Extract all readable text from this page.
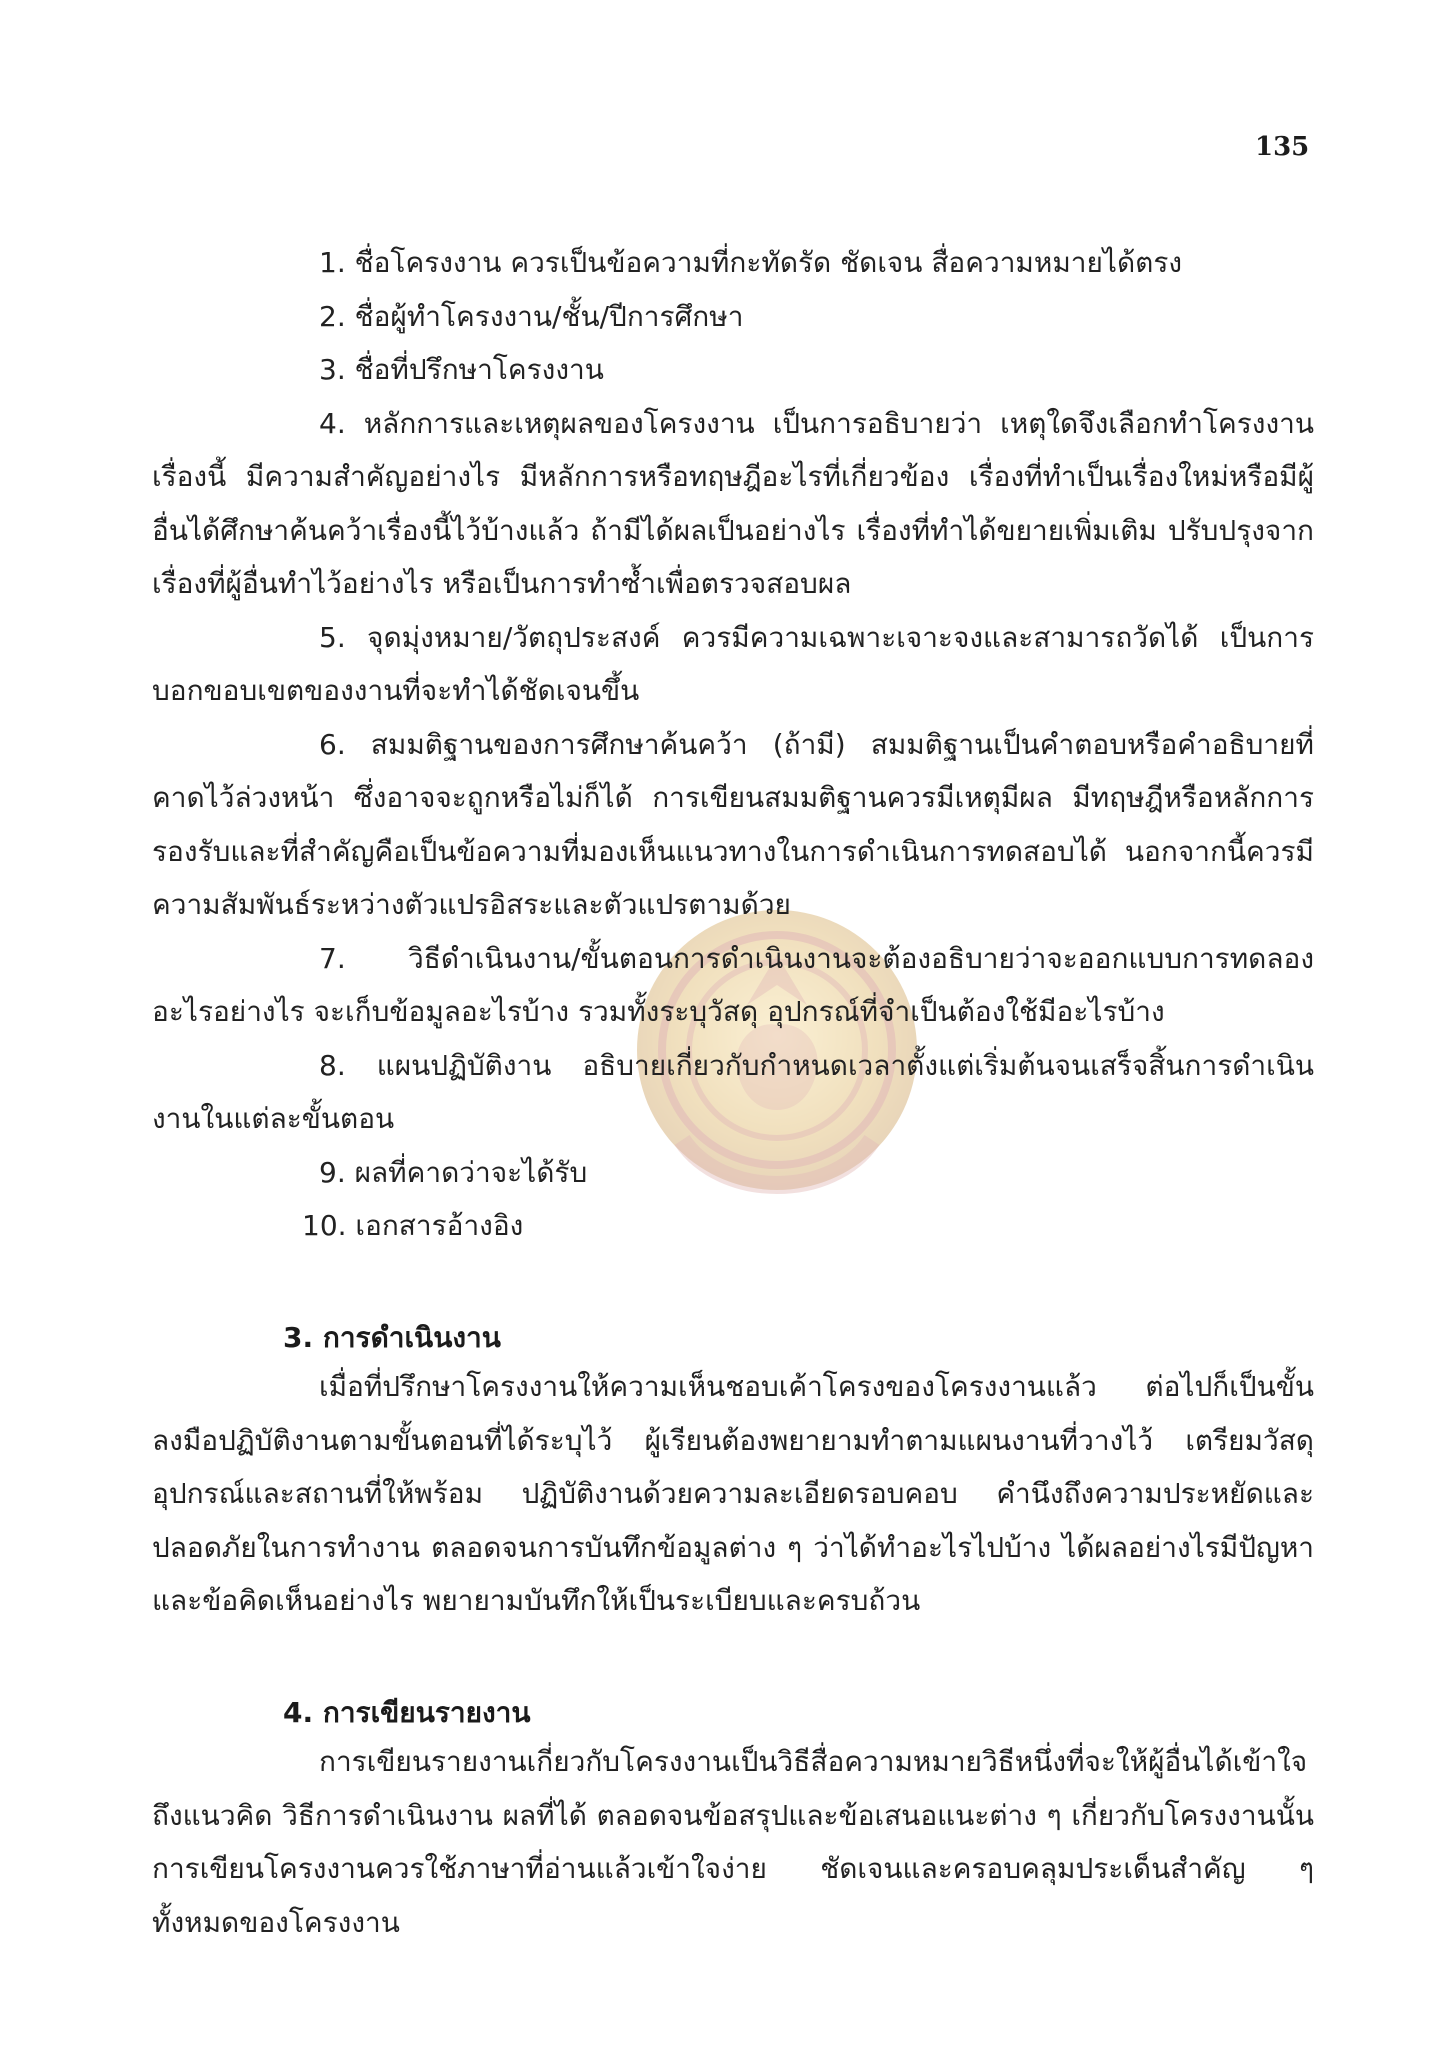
135

1. ชื่อโครงงาน ควรเป็นข้อความที่กะทัดรัด ชัดเจน สื่อความหมายได้ตรง

2. ชื่อผู้ทำโครงงาน/ชั้น/ปีการศึกษา

3. ชื่อที่ปรึกษาโครงงาน

4. หลักการและเหตุผลของโครงงาน เป็นการอธิบายว่า เหตุใดจึงเลือกทำโครงงานเรื่องนี้ มีความสำคัญอย่างไร มีหลักการหรือทฤษฎีอะไรที่เกี่ยวข้อง เรื่องที่ทำเป็นเรื่องใหม่หรือมีผู้อื่นได้ศึกษาค้นคว้าเรื่องนี้ไว้บ้างแล้ว ถ้ามีได้ผลเป็นอย่างไร เรื่องที่ทำได้ขยายเพิ่มเติม ปรับปรุงจากเรื่องที่ผู้อื่นทำไว้อย่างไร หรือเป็นการทำซ้ำเพื่อตรวจสอบผล

5. จุดมุ่งหมาย/วัตถุประสงค์ ควรมีความเฉพาะเจาะจงและสามารถวัดได้ เป็นการบอกขอบเขตของงานที่จะทำได้ชัดเจนขึ้น

6. สมมติฐานของการศึกษาค้นคว้า (ถ้ามี) สมมติฐานเป็นคำตอบหรือคำอธิบายที่คาดไว้ล่วงหน้า ซึ่งอาจจะถูกหรือไม่ก็ได้ การเขียนสมมติฐานควรมีเหตุมีผล มีทฤษฎีหรือหลักการรองรับและที่สำคัญคือเป็นข้อความที่มองเห็นแนวทางในการดำเนินการทดสอบได้ นอกจากนี้ควรมีความสัมพันธ์ระหว่างตัวแปรอิสระและตัวแปรตามด้วย

7. วิธีดำเนินงาน/ขั้นตอนการดำเนินงานจะต้องอธิบายว่าจะออกแบบการทดลองอะไรอย่างไร จะเก็บข้อมูลอะไรบ้าง รวมทั้งระบุวัสดุ อุปกรณ์ที่จำเป็นต้องใช้มีอะไรบ้าง

8. แผนปฏิบัติงาน อธิบายเกี่ยวกับกำหนดเวลาตั้งแต่เริ่มต้นจนเสร็จสิ้นการดำเนินงานในแต่ละขั้นตอน

9. ผลที่คาดว่าจะได้รับ

10. เอกสารอ้างอิง

3. การดำเนินงาน

เมื่อที่ปรึกษาโครงงานให้ความเห็นชอบเค้าโครงของโครงงานแล้ว ต่อไปก็เป็นขั้นลงมือปฏิบัติงานตามขั้นตอนที่ได้ระบุไว้ ผู้เรียนต้องพยายามทำตามแผนงานที่วางไว้ เตรียมวัสดุอุปกรณ์และสถานที่ให้พร้อม ปฏิบัติงานด้วยความละเอียดรอบคอบ คำนึงถึงความประหยัดและปลอดภัยในการทำงาน ตลอดจนการบันทึกข้อมูลต่าง ๆ ว่าได้ทำอะไรไปบ้าง ได้ผลอย่างไรมีปัญหาและข้อคิดเห็นอย่างไร พยายามบันทึกให้เป็นระเบียบและครบถ้วน

4. การเขียนรายงาน

การเขียนรายงานเกี่ยวกับโครงงานเป็นวิธีสื่อความหมายวิธีหนึ่งที่จะให้ผู้อื่นได้เข้าใจถึงแนวคิด วิธีการดำเนินงาน ผลที่ได้ ตลอดจนข้อสรุปและข้อเสนอแนะต่าง ๆ เกี่ยวกับโครงงานนั้นการเขียนโครงงานควรใช้ภาษาที่อ่านแล้วเข้าใจง่าย ชัดเจนและครอบคลุมประเด็นสำคัญ ๆ ทั้งหมดของโครงงาน
